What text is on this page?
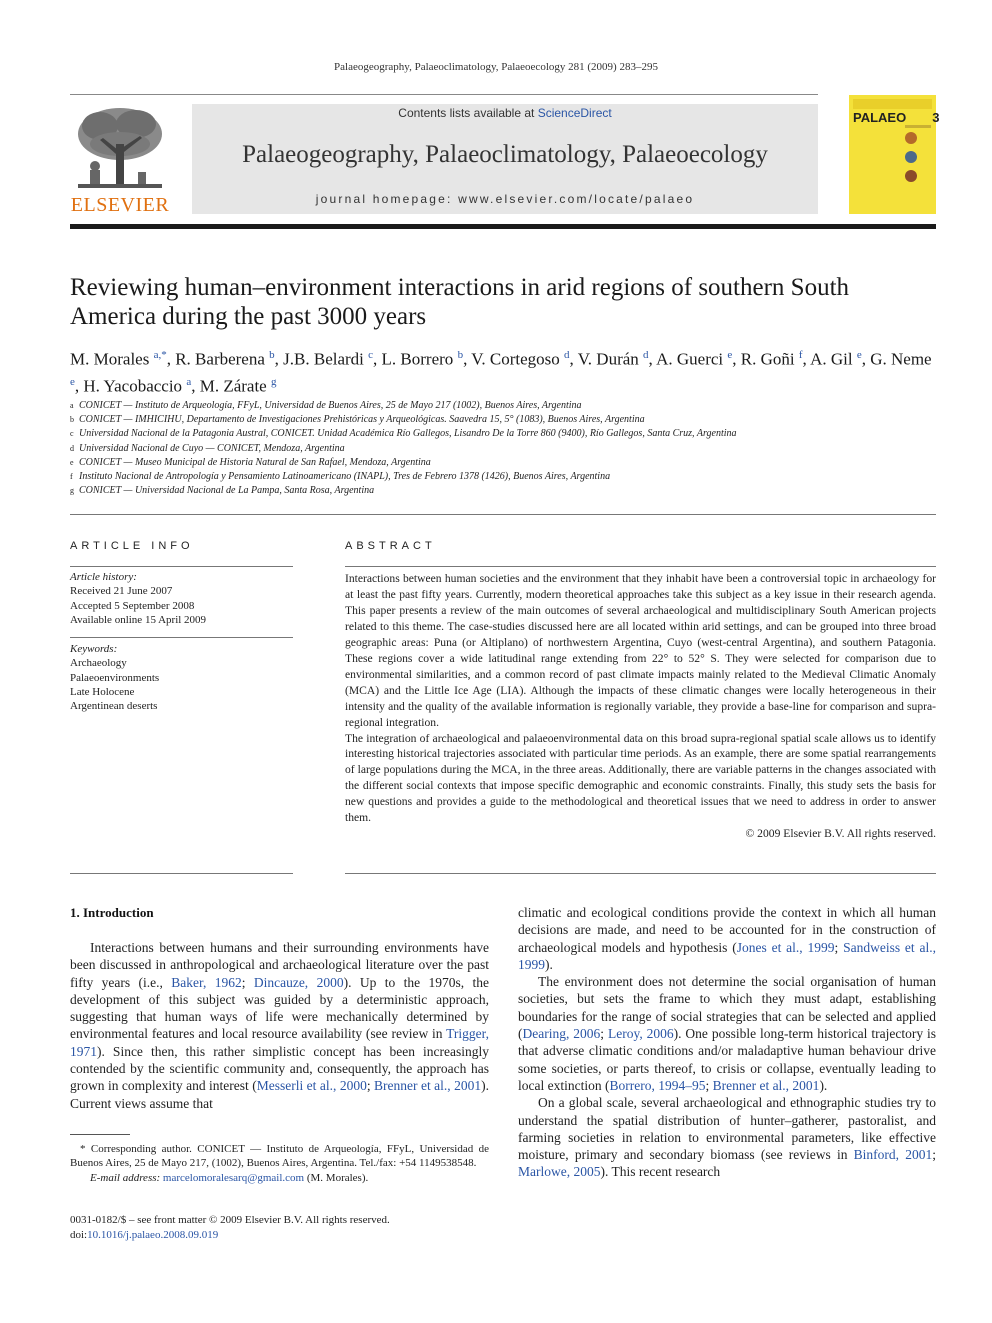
Palaeogeography, Palaeoclimatology, Palaeoecology 281 (2009) 283–295
Contents lists available at ScienceDirect
Palaeogeography, Palaeoclimatology, Palaeoecology
journal homepage: www.elsevier.com/locate/palaeo
ELSEVIER
PALAEO 3
Reviewing human–environment interactions in arid regions of southern South America during the past 3000 years
M. Morales $^{a,*}$, R. Barberena $^b$, J.B. Belardi $^c$, L. Borrero $^b$, V. Cortegoso $^d$, V. Durán $^d$, A. Guerci $^e$, R. Goñi $^f$, A. Gil $^e$, G. Neme $^e$, H. Yacobaccio $^a$, M. Zárate $^g$
a CONICET — Instituto de Arqueología, FFyL, Universidad de Buenos Aires, 25 de Mayo 217 (1002), Buenos Aires, Argentina
b CONICET — IMHICIHU, Departamento de Investigaciones Prehistóricas y Arqueológicas. Saavedra 15, 5° (1083), Buenos Aires, Argentina
c Universidad Nacional de la Patagonia Austral, CONICET. Unidad Académica Río Gallegos, Lisandro De la Torre 860 (9400), Río Gallegos, Santa Cruz, Argentina
d Universidad Nacional de Cuyo — CONICET, Mendoza, Argentina
e CONICET — Museo Municipal de Historia Natural de San Rafael, Mendoza, Argentina
f Instituto Nacional de Antropología y Pensamiento Latinoamericano (INAPL), Tres de Febrero 1378 (1426), Buenos Aires, Argentina
g CONICET — Universidad Nacional de La Pampa, Santa Rosa, Argentina
ARTICLE INFO
Article history:
Received 21 June 2007
Accepted 5 September 2008
Available online 15 April 2009
Keywords:
Archaeology
Palaeoenvironments
Late Holocene
Argentinean deserts
ABSTRACT

Interactions between human societies and the environment that they inhabit have been a controversial topic in archaeology for at least the past fifty years. Currently, modern theoretical approaches take this subject as a key issue in their research agenda. This paper presents a review of the main outcomes of several archaeological and multidisciplinary South American projects related to this theme. The case-studies discussed here are all located within arid settings, and can be grouped into three broad geographic areas: Puna (or Altiplano) of northwestern Argentina, Cuyo (west-central Argentina), and southern Patagonia. These regions cover a wide latitudinal range extending from 22° to 52° S. They were selected for comparison due to environmental similarities, and a common record of past climate impacts mainly related to the Medieval Climatic Anomaly (MCA) and the Little Ice Age (LIA). Although the impacts of these climatic changes were locally heterogeneous in their intensity and the quality of the available information is regionally variable, they provide a base-line for comparison and supra-regional integration.

The integration of archaeological and palaeoenvironmental data on this broad supra-regional spatial scale allows us to identify interesting historical trajectories associated with particular time periods. As an example, there are some spatial rearrangements of large populations during the MCA, in the three areas. Additionally, there are variable patterns in the changes associated with the different social contexts that impose specific demographic and economic constraints. Finally, this study sets the basis for new questions and provides a guide to the methodological and theoretical issues that we need to address in order to answer them.

© 2009 Elsevier B.V. All rights reserved.

1. Introduction

Interactions between humans and their surrounding environments have been discussed in anthropological and archaeological literature over the past fifty years (i.e., Baker, 1962; Dincauze, 2000). Up to the 1970s, the development of this subject was guided by a deterministic approach, suggesting that human ways of life were mechanically determined by environmental features and local resource availability (see review in Trigger, 1971). Since then, this rather simplistic concept has been increasingly contended by the scientific community and, consequently, the approach has grown in complexity and interest (Messerli et al., 2000; Brenner et al., 2001). Current views assume that

* Corresponding author. CONICET — Instituto de Arqueología, FFyL, Universidad de Buenos Aires, 25 de Mayo 217, (1002), Buenos Aires, Argentina. Tel./fax: +54 1149538548.
E-mail address: marcelomoralesarq@gmail.com (M. Morales).
0031-0182/$ – see front matter © 2009 Elsevier B.V. All rights reserved.
doi:10.1016/j.palaeo.2008.09.019

climatic and ecological conditions provide the context in which all human decisions are made, and need to be accounted for in the construction of archaeological models and hypothesis (Jones et al., 1999; Sandweiss et al., 1999).

The environment does not determine the social organisation of human societies, but sets the frame to which they must adapt, establishing boundaries for the range of social strategies that can be selected and applied (Dearing, 2006; Leroy, 2006). One possible long-term historical trajectory is that adverse climatic conditions and/or maladaptive human behaviour drive some societies, or parts thereof, to crisis or collapse, eventually leading to local extinction (Borrero, 1994–95; Brenner et al., 2001).

On a global scale, several archaeological and ethnographic studies try to understand the spatial distribution of hunter–gatherer, pastoralist, and farming societies in relation to environmental parameters, like effective moisture, primary and secondary biomass (see reviews in Binford, 2001; Marlowe, 2005). This recent research
